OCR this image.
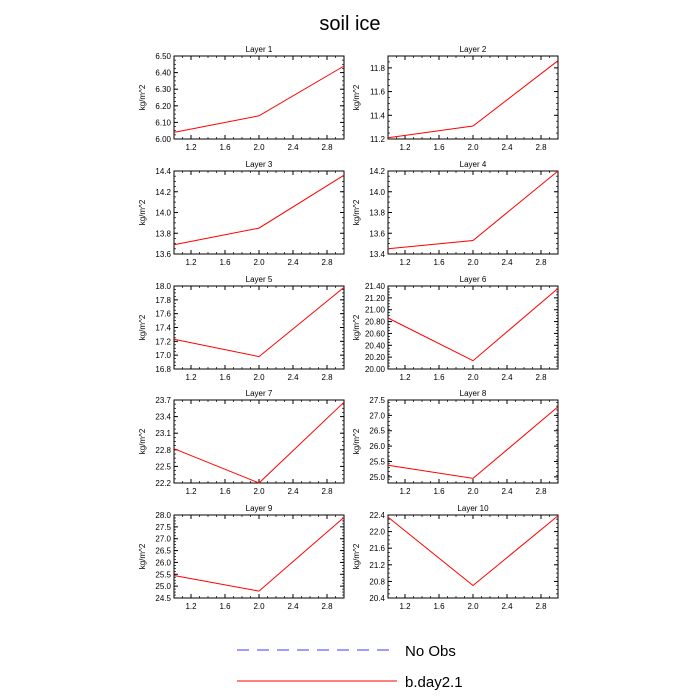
soil ice
Layer 1
kg/m^2
1.2	1.6	2.0	2.4	2.8
6.00
6.10
6.20
6.30
6.40
6.50
Layer 2
kg/m^2
1.2	1.6	2.0	2.4	2.8
11.2
11.4
11.6
11.8
Layer 3
kg/m^2
1.2	1.6	2.0	2.4	2.8
13.6
13.8
14.0
14.2
14.4
Layer 4
kg/m^2
1.2	1.6	2.0	2.4	2.8
13.4
13.6
13.8
14.0
14.2
Layer 5
kg/m^2
1.2	1.6	2.0	2.4	2.8
16.8
17.0
17.2
17.4
17.6
17.8
18.0
Layer 6
kg/m^2
1.2	1.6	2.0	2.4	2.8
20.00
20.20
20.40
20.60
20.80
21.00
21.20
21.40
Layer 7
kg/m^2
1.2	1.6	2.0	2.4	2.8
22.2
22.5
22.8
23.1
23.4
23.7
Layer 8
kg/m^2
1.2	1.6	2.0	2.4	2.8
25.0
25.5
26.0
26.5
27.0
27.5
Layer 9
kg/m^2
1.2	1.6	2.0	2.4	2.8
24.5
25.0
25.5
26.0
26.5
27.0
27.5
28.0
Layer 10
kg/m^2
1.2	1.6	2.0	2.4	2.8
20.4
20.8
21.2
21.6
22.0
22.4
No Obs
b.day2.1
